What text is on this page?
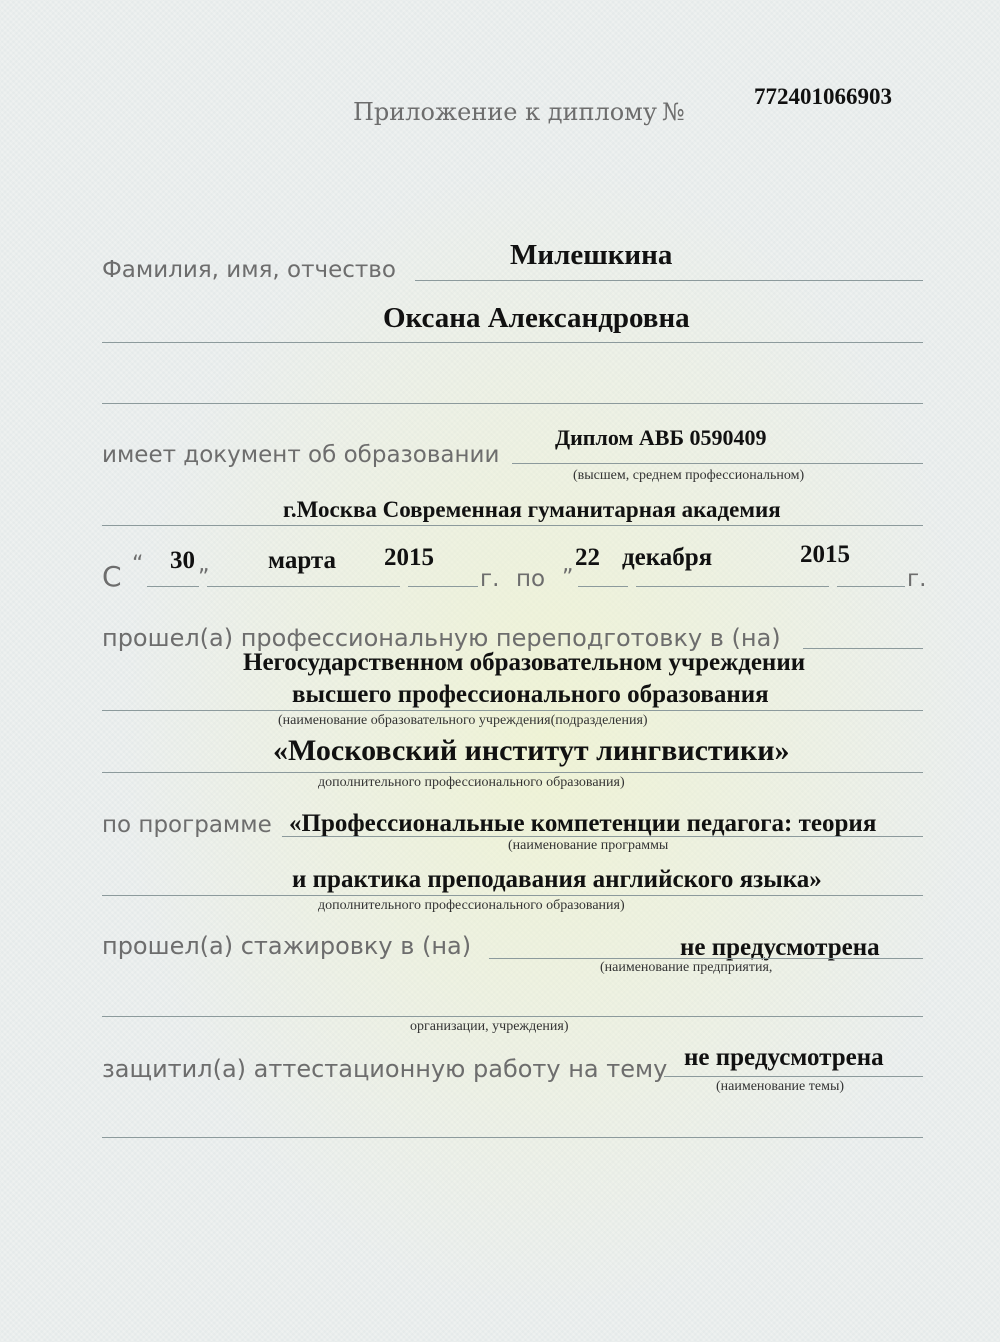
Приложение к диплому №
772401066903
Фамилия, имя, отчество	Милешкина
Оксана Александровна
имеет документ об образовании
Диплом АВБ 0590409
(высшем, среднем профессиональном)
г.Москва Современная гуманитарная академия
С “ 30 „ марта 2015
г. по
„ 22 декабря	2015
г.
прошел(а) профессиональную переподготовку в (на)
Негосударственном образовательном учреждении
высшего профессионального образования
(наименование образовательного учреждения(подразделения)
«Московский институт лингвистики»
дополнительного профессионального образования)
по программе «Профессиональные компетенции педагога: теория
(наименование программы
и практика преподавания английского языка»
дополнительного профессионального образования)
прошел(а) стажировку в (на)	не предусмотрена
(наименование предприятия,
организации, учреждения)
защитил(а) аттестационную работу на тему не предусмотрена
(наименование темы)
